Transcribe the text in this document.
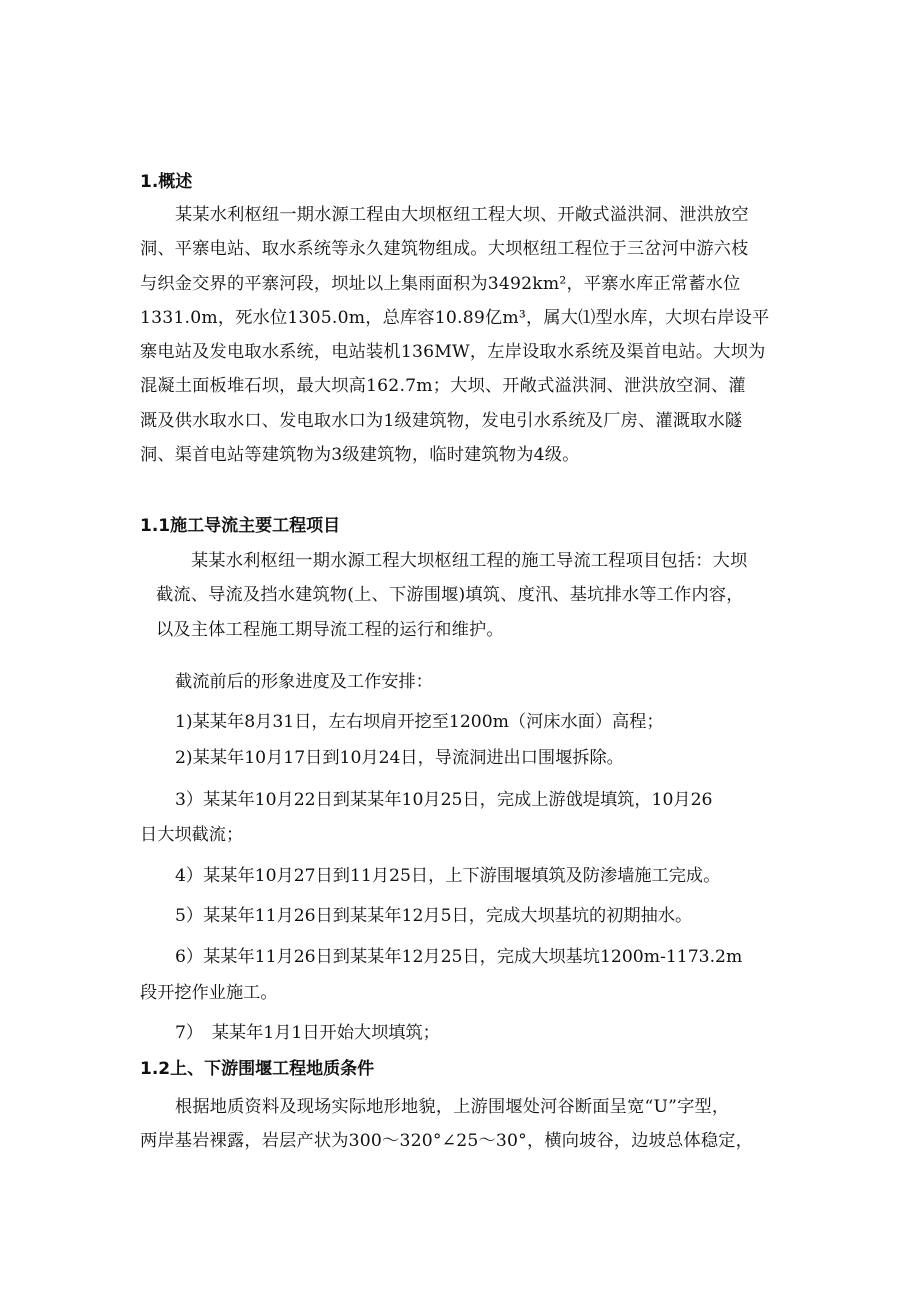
1.概述
某某水利枢纽一期水源工程由大坝枢纽工程大坝、开敞式溢洪洞、泄洪放空
洞、平寨电站、取水系统等永久建筑物组成。大坝枢纽工程位于三岔河中游六枝
与织金交界的平寨河段，坝址以上集雨面积为3492km²，平寨水库正常蓄水位
1331.0m，死水位1305.0m，总库容10.89亿m³，属大⑴型水库，大坝右岸设平
寨电站及发电取水系统，电站装机136MW，左岸设取水系统及渠首电站。大坝为
混凝土面板堆石坝，最大坝高162.7m；大坝、开敞式溢洪洞、泄洪放空洞、灌
溉及供水取水口、发电取水口为1级建筑物，发电引水系统及厂房、灌溉取水隧
洞、渠首电站等建筑物为3级建筑物，临时建筑物为4级。
1.1施工导流主要工程项目
某某水利枢纽一期水源工程大坝枢纽工程的施工导流工程项目包括：大坝
截流、导流及挡水建筑物(上、下游围堰)填筑、度汛、基坑排水等工作内容，
以及主体工程施工期导流工程的运行和维护。
截流前后的形象进度及工作安排：
1)某某年8月31日，左右坝肩开挖至1200m（河床水面）高程；
2)某某年10月17日到10月24日，导流洞进出口围堰拆除。
3）某某年10月22日到某某年10月25日，完成上游戗堤填筑，10月26
日大坝截流；
4）某某年10月27日到11月25日，上下游围堰填筑及防渗墙施工完成。
5）某某年11月26日到某某年12月5日，完成大坝基坑的初期抽水。
6）某某年11月26日到某某年12月25日，完成大坝基坑1200m-1173.2m
段开挖作业施工。
7）　某某年1月1日开始大坝填筑；
1.2上、下游围堰工程地质条件
根据地质资料及现场实际地形地貌，上游围堰处河谷断面呈宽“U”字型，
两岸基岩裸露，岩层产状为300～320°∠25～30°，横向坡谷，边坡总体稳定，
